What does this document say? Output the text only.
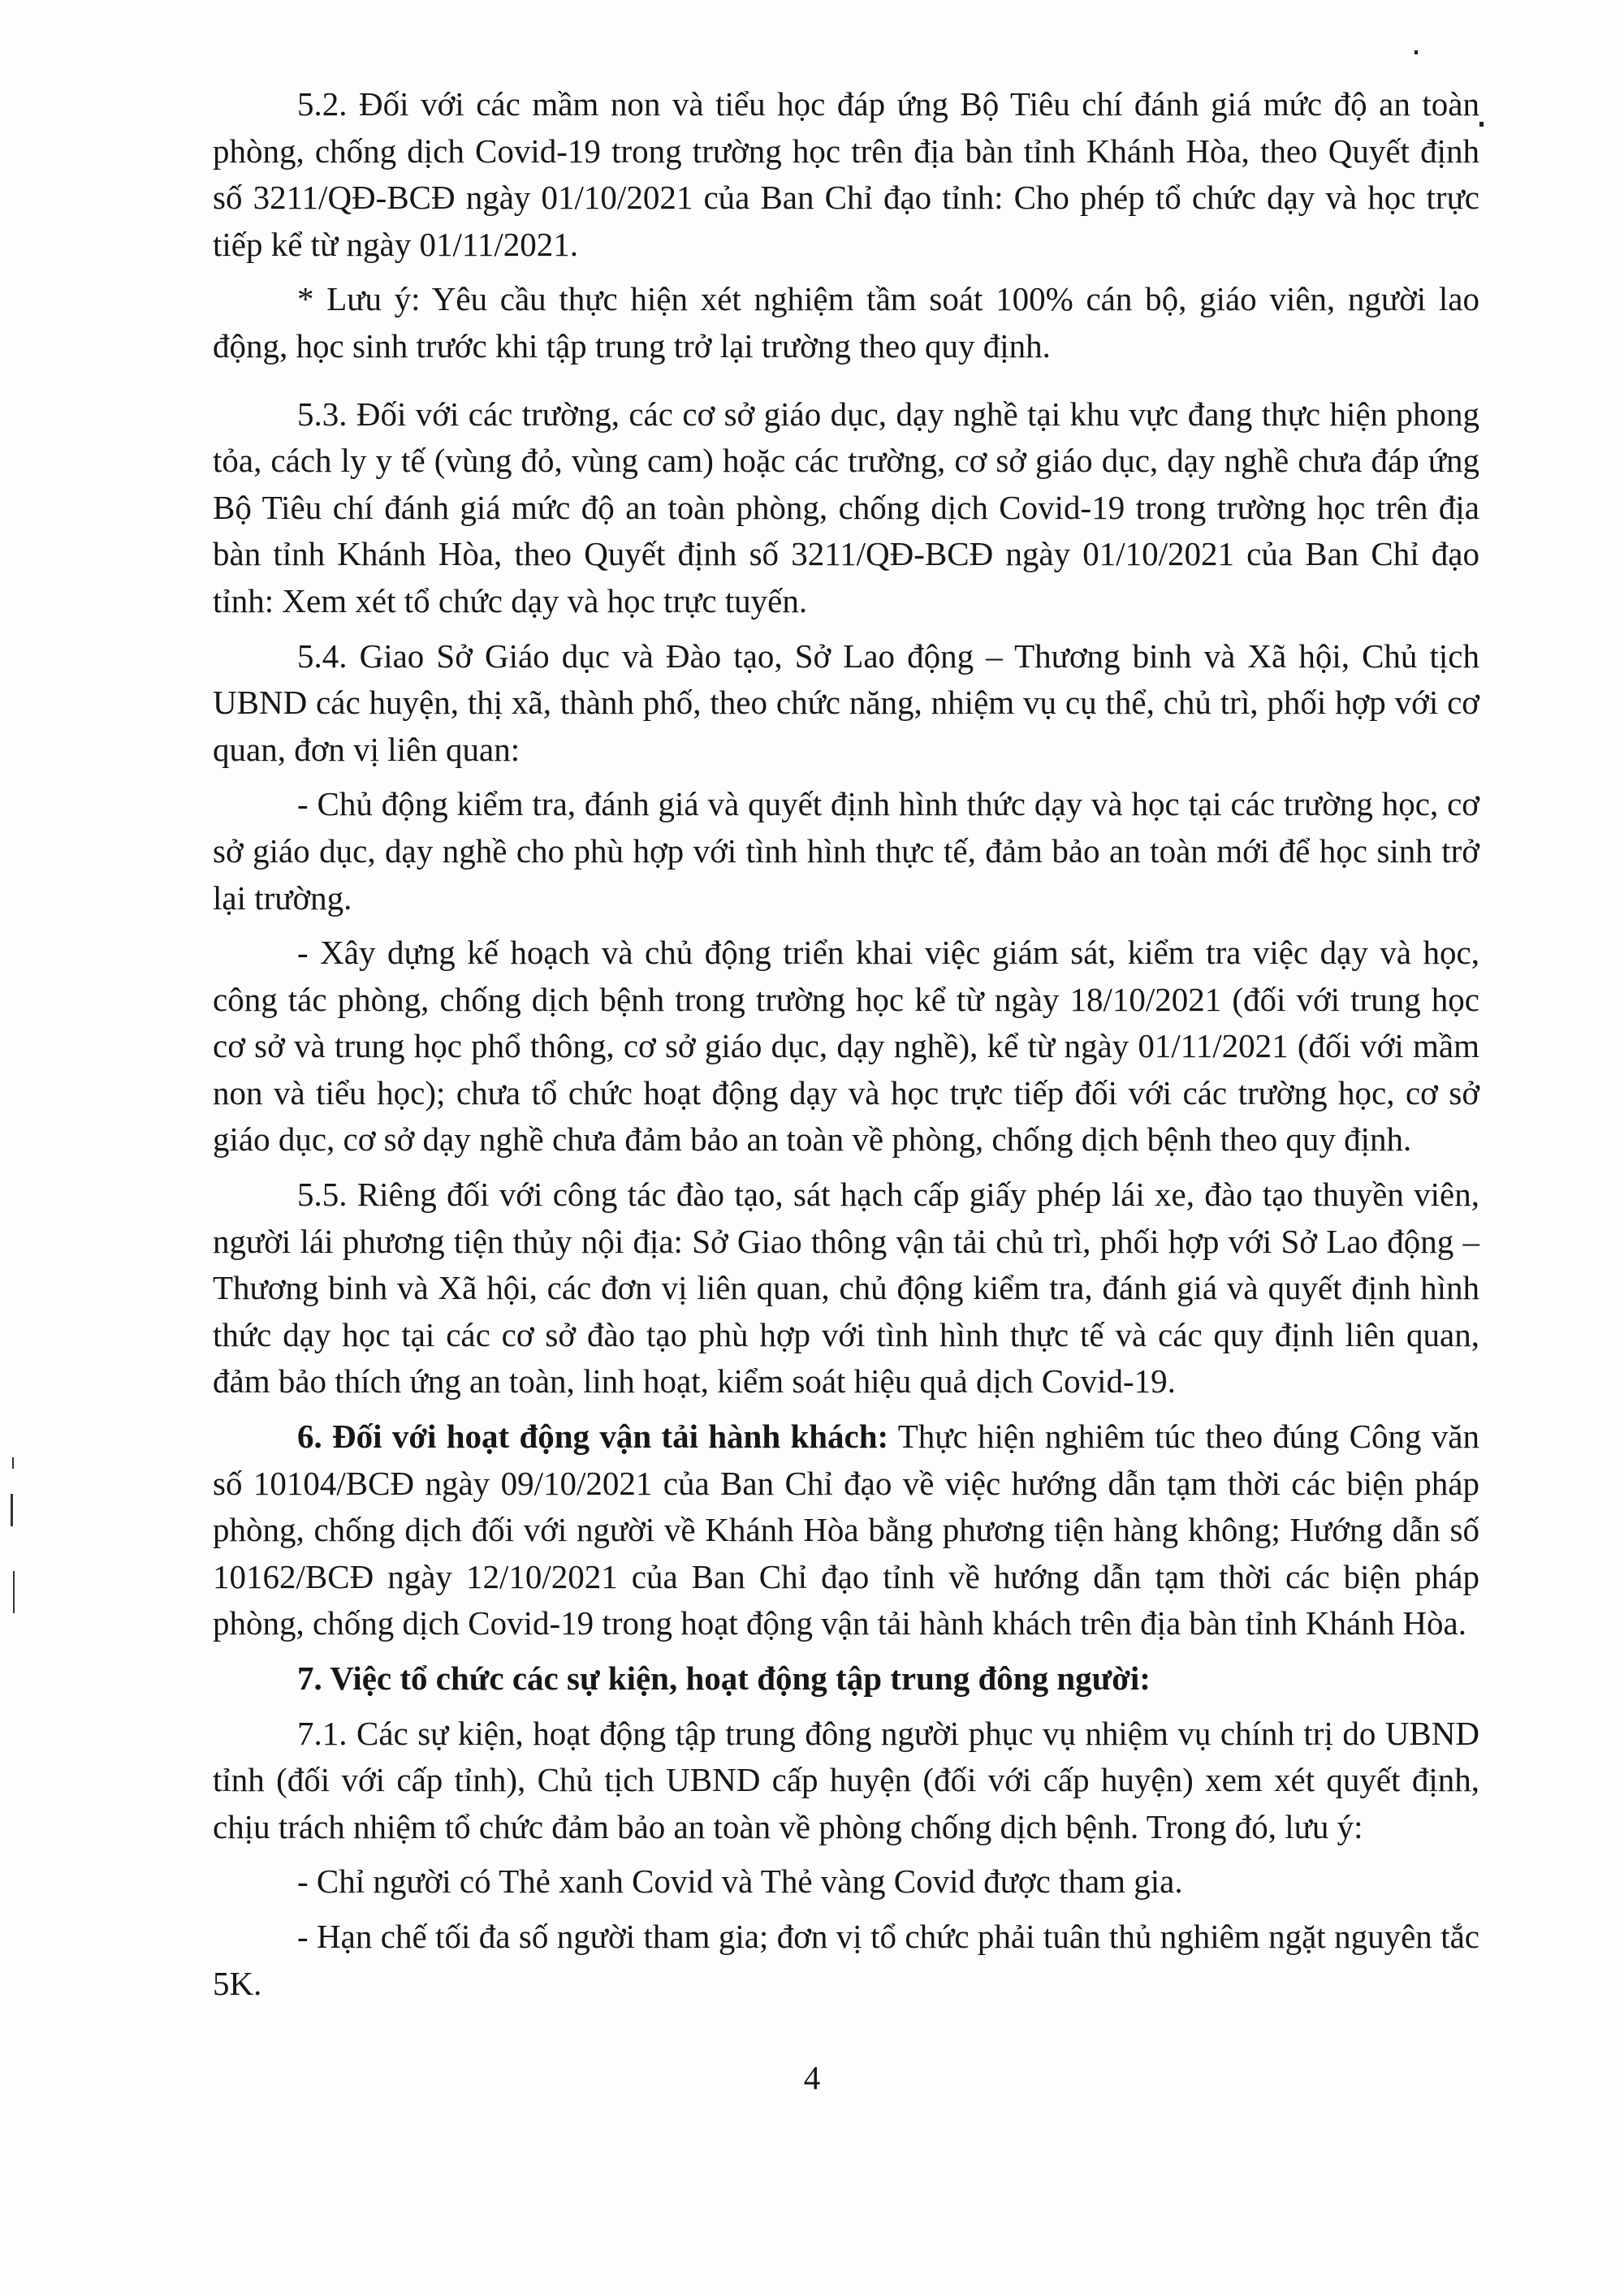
5.2. Đối với các mầm non và tiểu học đáp ứng Bộ Tiêu chí đánh giá mức độ an toàn phòng, chống dịch Covid-19 trong trường học trên địa bàn tỉnh Khánh Hòa, theo Quyết định số 3211/QĐ-BCĐ ngày 01/10/2021 của Ban Chỉ đạo tỉnh: Cho phép tổ chức dạy và học trực tiếp kể từ ngày 01/11/2021.

* Lưu ý: Yêu cầu thực hiện xét nghiệm tầm soát 100% cán bộ, giáo viên, người lao động, học sinh trước khi tập trung trở lại trường theo quy định.

5.3. Đối với các trường, các cơ sở giáo dục, dạy nghề tại khu vực đang thực hiện phong tỏa, cách ly y tế (vùng đỏ, vùng cam) hoặc các trường, cơ sở giáo dục, dạy nghề chưa đáp ứng Bộ Tiêu chí đánh giá mức độ an toàn phòng, chống dịch Covid-19 trong trường học trên địa bàn tỉnh Khánh Hòa, theo Quyết định số 3211/QĐ-BCĐ ngày 01/10/2021 của Ban Chỉ đạo tỉnh: Xem xét tổ chức dạy và học trực tuyến.

5.4. Giao Sở Giáo dục và Đào tạo, Sở Lao động – Thương binh và Xã hội, Chủ tịch UBND các huyện, thị xã, thành phố, theo chức năng, nhiệm vụ cụ thể, chủ trì, phối hợp với cơ quan, đơn vị liên quan:

- Chủ động kiểm tra, đánh giá và quyết định hình thức dạy và học tại các trường học, cơ sở giáo dục, dạy nghề cho phù hợp với tình hình thực tế, đảm bảo an toàn mới để học sinh trở lại trường.

- Xây dựng kế hoạch và chủ động triển khai việc giám sát, kiểm tra việc dạy và học, công tác phòng, chống dịch bệnh trong trường học kể từ ngày 18/10/2021 (đối với trung học cơ sở và trung học phổ thông, cơ sở giáo dục, dạy nghề), kể từ ngày 01/11/2021 (đối với mầm non và tiểu học); chưa tổ chức hoạt động dạy và học trực tiếp đối với các trường học, cơ sở giáo dục, cơ sở dạy nghề chưa đảm bảo an toàn về phòng, chống dịch bệnh theo quy định.

5.5. Riêng đối với công tác đào tạo, sát hạch cấp giấy phép lái xe, đào tạo thuyền viên, người lái phương tiện thủy nội địa: Sở Giao thông vận tải chủ trì, phối hợp với Sở Lao động – Thương binh và Xã hội, các đơn vị liên quan, chủ động kiểm tra, đánh giá và quyết định hình thức dạy học tại các cơ sở đào tạo phù hợp với tình hình thực tế và các quy định liên quan, đảm bảo thích ứng an toàn, linh hoạt, kiểm soát hiệu quả dịch Covid-19.

6. Đối với hoạt động vận tải hành khách: Thực hiện nghiêm túc theo đúng Công văn số 10104/BCĐ ngày 09/10/2021 của Ban Chỉ đạo về việc hướng dẫn tạm thời các biện pháp phòng, chống dịch đối với người về Khánh Hòa bằng phương tiện hàng không; Hướng dẫn số 10162/BCĐ ngày 12/10/2021 của Ban Chỉ đạo tỉnh về hướng dẫn tạm thời các biện pháp phòng, chống dịch Covid-19 trong hoạt động vận tải hành khách trên địa bàn tỉnh Khánh Hòa.

7. Việc tổ chức các sự kiện, hoạt động tập trung đông người:

7.1. Các sự kiện, hoạt động tập trung đông người phục vụ nhiệm vụ chính trị do UBND tỉnh (đối với cấp tỉnh), Chủ tịch UBND cấp huyện (đối với cấp huyện) xem xét quyết định, chịu trách nhiệm tổ chức đảm bảo an toàn về phòng chống dịch bệnh. Trong đó, lưu ý:

- Chỉ người có Thẻ xanh Covid và Thẻ vàng Covid được tham gia.

- Hạn chế tối đa số người tham gia; đơn vị tổ chức phải tuân thủ nghiêm ngặt nguyên tắc 5K.

4
